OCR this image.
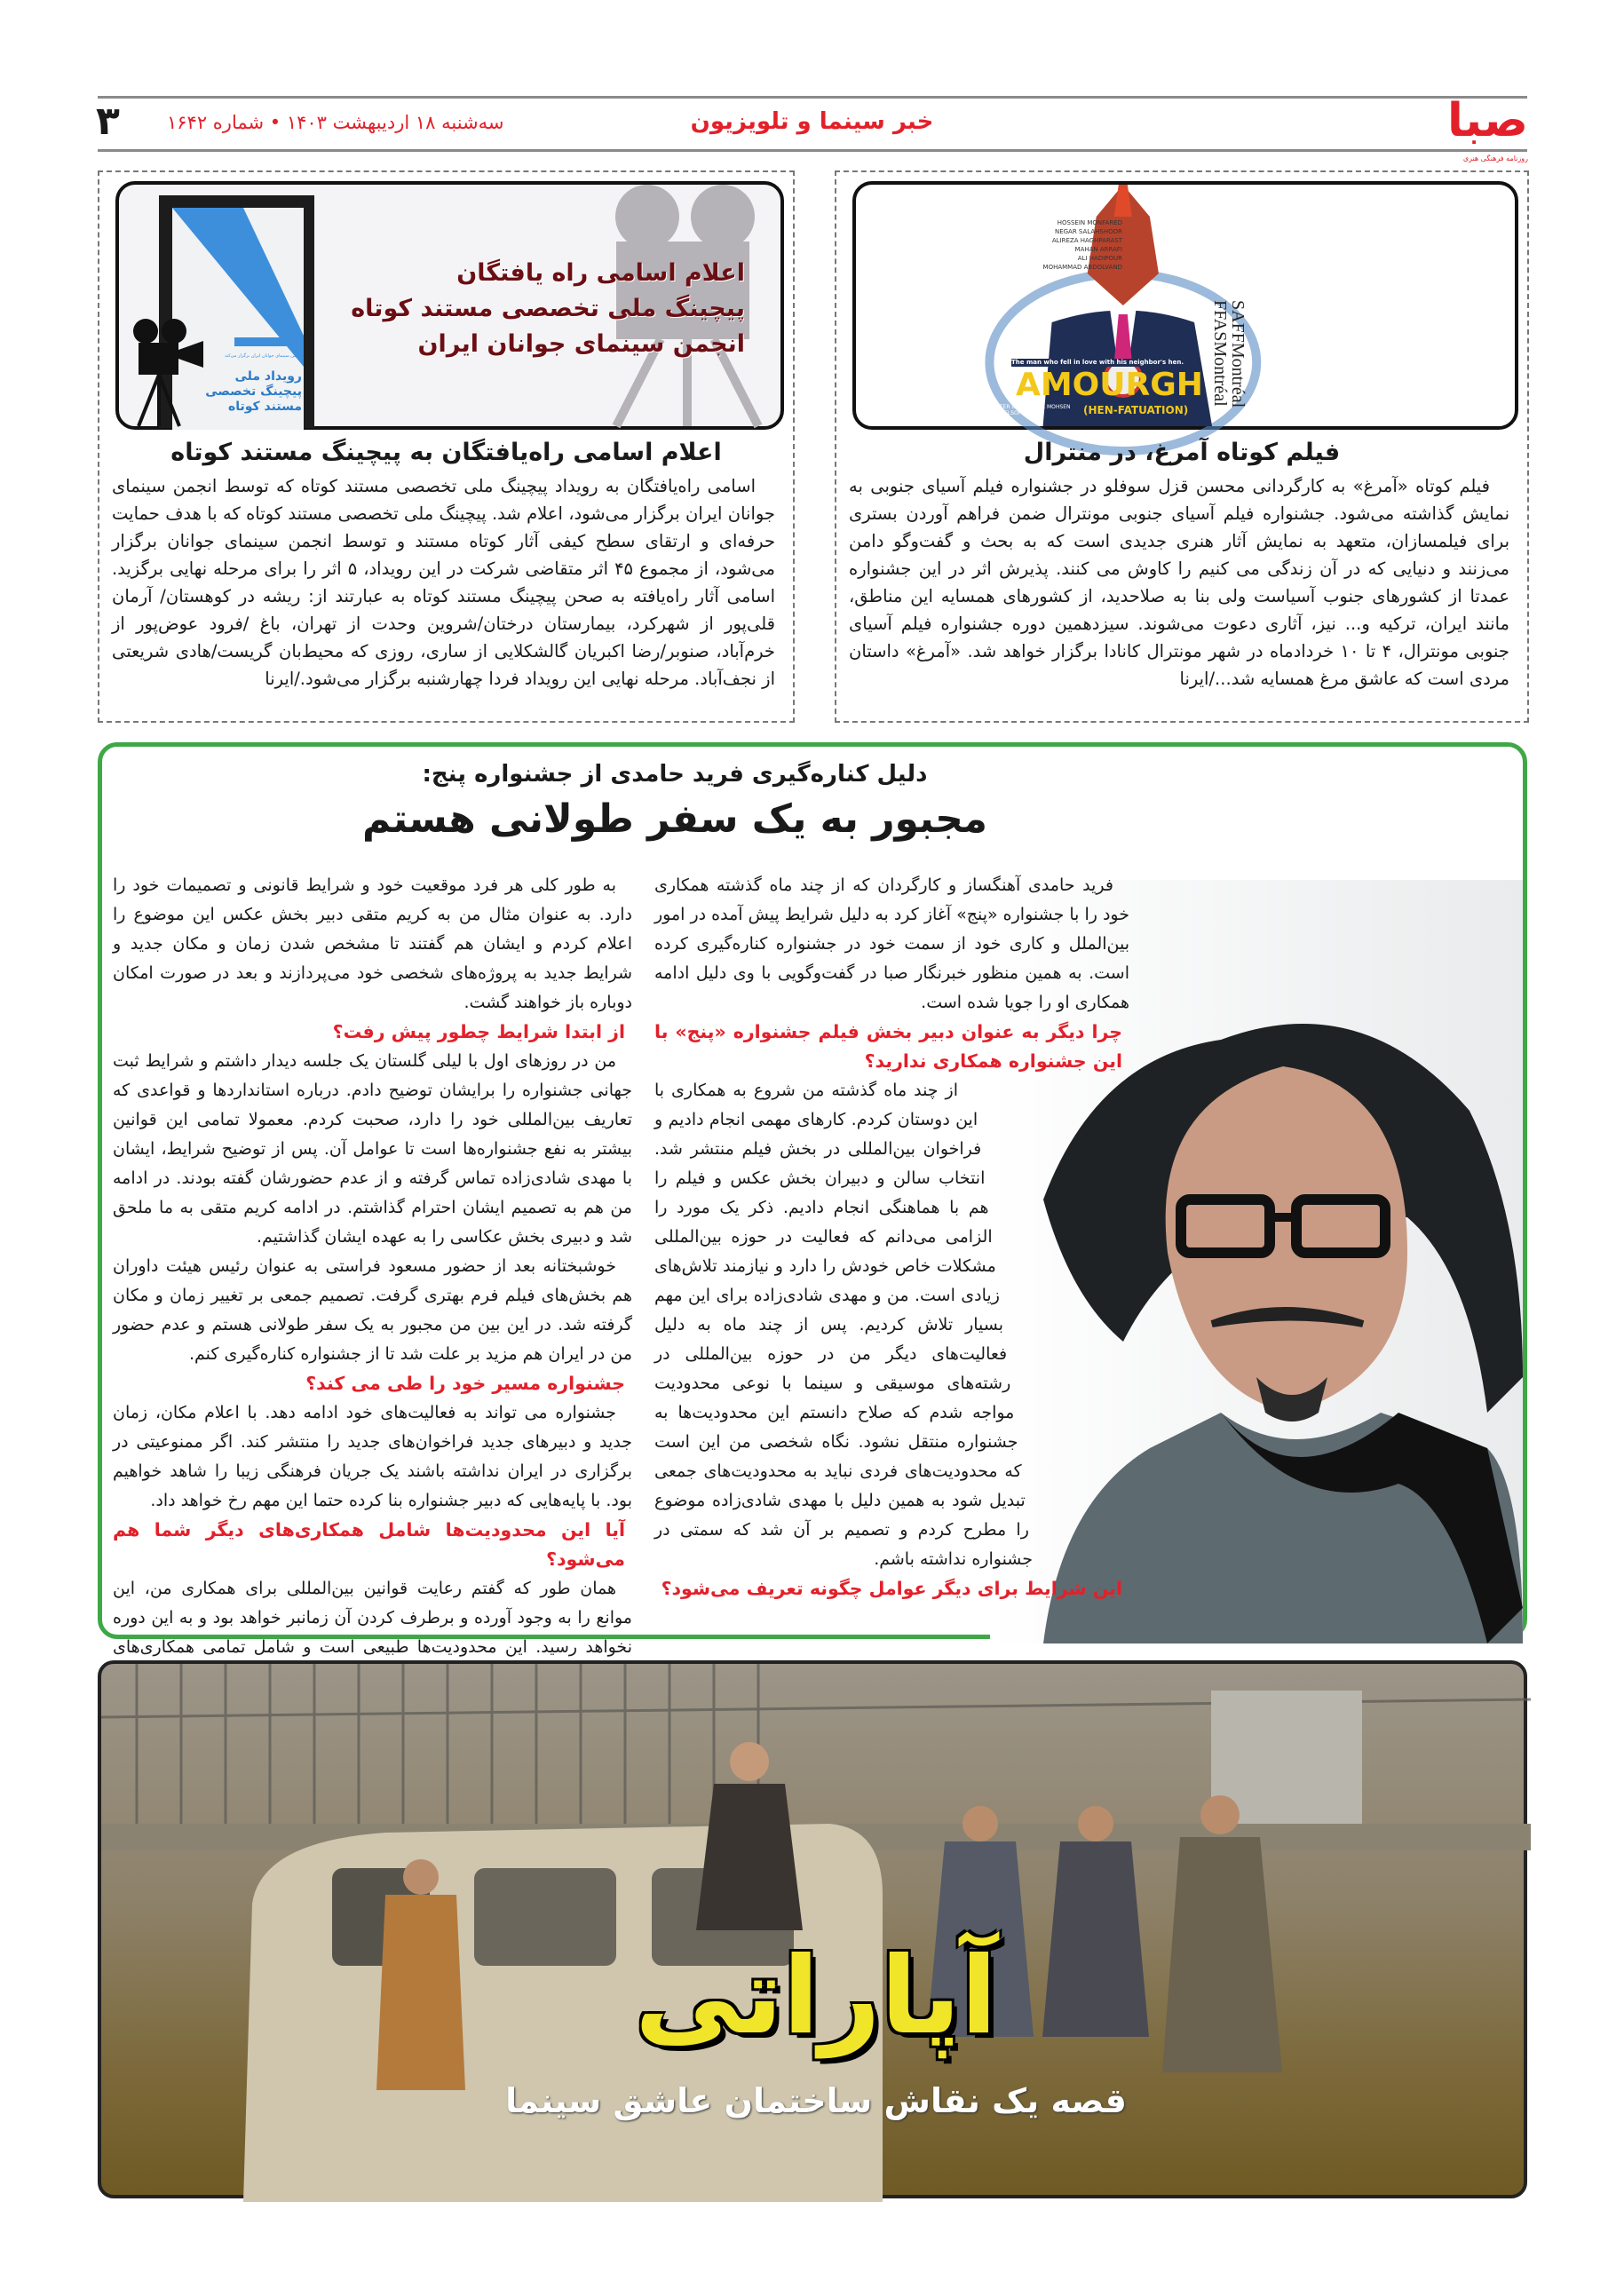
صبا
روزنامه فرهنگی هنری
خبر سینما و تلویزیون
سه‌شنبه ۱۸ اردیبهشت ۱۴۰۳ • شماره ۱۶۴۲
۳
HOSSEIN MONFARED
NEGAR SALAHSHOOR
ALIREZA HAGHPARAST
MAHAN ARRAFI
ALI HADIPOUR
MOHAMMAD ABDOLVAND
The man who fell in love with his neighbor's hen.
AMOURGH
(HEN-FATUATION)
WRITER & DIRECTOR MOHSEN GHEZELSOFLOU
SAFFMontréal
FFASMontréal
فیلم کوتاه آمرغ، در منترال
فیلم کوتاه «آمرغ» به کارگردانی محسن قزل سوفلو در جشنواره فیلم آسیای جنوبی به نمایش گذاشته می‌شود. جشنواره فیلم آسیای جنوبی مونترال ضمن فراهم آوردن بستری برای فیلمسازان، متعهد به نمایش آثار هنری جدیدی است که به بحث و گفت‌وگو دامن می‌زنند و دنیایی که در آن زندگی می کنیم را کاوش می کنند. پذیرش اثر در این جشنواره عمدتا از کشورهای جنوب آسیاست ولی بنا به صلاحدید، از کشورهای همسایه این مناطق، مانند ایران، ترکیه و... نیز، آثاری دعوت می‌شوند. سیزدهمین دوره جشنواره فیلم آسیای جنوبی مونترال، ۴ تا ۱۰ خردادماه در شهر مونترال کانادا برگزار خواهد شد. «آمرغ» داستان مردی است که عاشق مرغ همسایه شد.../ایرنا
انجمن سینمای جوانان ایران برگزار می‌کند
رویداد ملی
پیچینگ تخصصی
مستند کوتاه
اعلام اسامی راه یافتگان
پیچینگ ملی تخصصی مستند کوتاه
انجمن سینمای جوانان ایران
اعلام اسامی راه‌یافتگان به پیچینگ مستند کوتاه
اسامی راه‌یافتگان به رویداد پیچینگ ملی تخصصی مستند کوتاه که توسط انجمن سینمای جوانان ایران برگزار می‌شود، اعلام شد. پیچینگ ملی تخصصی مستند کوتاه که با هدف حمایت حرفه‌ای و ارتقای سطح کیفی آثار کوتاه مستند و توسط انجمن سینمای جوانان برگزار می‌شود، از مجموع ۴۵ اثر متقاضی شرکت در این رویداد، ۵ اثر را برای مرحله نهایی برگزید. اسامی آثار راه‌یافته به صحن پیچینگ مستند کوتاه به عبارتند از: ریشه در کوهستان/ آرمان قلی‌پور از شهرکرد، بیمارستان درختان/شروین وحدت از تهران، باغ /فرود عوض‌پور از خرم‌آباد، صنوبر/رضا اکبریان گالشکلایی از ساری، روزی که محیط‌بان گریست/هادی شریعتی از نجف‌آباد. مرحله نهایی این رویداد فردا چهارشنبه برگزار می‌شود./ایرنا
دلیل کناره‌گیری فرید حامدی از جشنواره پنج:
مجبور به یک سفر طولانی هستم

فرید حامدی آهنگساز و کارگردان که از چند ماه گذشته همکاری خود را با جشنواره «پنج» آغاز کرد به دلیل شرایط پیش آمده در امور بین‌الملل و کاری خود از سمت خود در جشنواره کناره‌گیری کرده است. به همین منظور خبرنگار صبا در گفت‌وگویی با وی دلیل ادامه همکاری او را جویا شده است.

چرا دیگر به عنوان دبیر بخش فیلم جشنواره «پنج» با این جشنواره همکاری ندارید؟

از چند ماه گذشته من شروع به همکاری با این دوستان کردم. کارهای مهمی انجام دادیم و فراخوان بین‌المللی در بخش فیلم منتشر شد. انتخاب سالن و دبیران بخش عکس و فیلم را هم با هماهنگی انجام دادیم. ذکر یک مورد را الزامی می‌دانم که فعالیت در حوزه بین‌المللی مشکلات خاص خودش را دارد و نیازمند تلاش‌های زیادی است. من و مهدی شادی‌زاده برای این مهم بسیار تلاش کردیم. پس از چند ماه به دلیل فعالیت‌های دیگر من در حوزه بین‌المللی در رشته‌های موسیقی و سینما با نوعی محدودیت مواجه شدم که صلاح دانستم این محدودیت‌ها به جشنواره منتقل نشود. نگاه شخصی من این است که محدودیت‌های فردی نباید به محدودیت‌های جمعی تبدیل شود به همین دلیل با مهدی شادی‌زاده موضوع را مطرح کردم و تصمیم بر آن شد که سمتی در جشنواره نداشته باشم.

این شرایط برای دیگر عوامل چگونه تعریف می‌شود؟

به طور کلی هر فرد موقعیت خود و شرایط قانونی و تصمیمات خود را دارد. به عنوان مثال من به کریم متقی دبیر بخش عکس این موضوع را اعلام کردم و ایشان هم گفتند تا مشخص شدن زمان و مکان جدید و شرایط جدید به پروژه‌های شخصی خود می‌پردازند و بعد در صورت امکان دوباره باز خواهند گشت.

از ابتدا شرایط چطور پیش رفت؟

من در روزهای اول با لیلی گلستان یک جلسه دیدار داشتم و شرایط ثبت جهانی جشنواره را برایشان توضیح دادم. درباره استانداردها و قواعدی که تعاریف بین‌المللی خود را دارد، صحبت کردم. معمولا تمامی این قوانین بیشتر به نفع جشنواره‌ها است تا عوامل آن. پس از توضیح شرایط، ایشان با مهدی شادی‌زاده تماس گرفته و از عدم حضورشان گفته بودند. در ادامه من هم به تصمیم ایشان احترام گذاشتم. در ادامه کریم متقی به ما ملحق شد و دبیری بخش عکاسی را به عهده ایشان گذاشتیم.

خوشبختانه بعد از حضور مسعود فراستی به عنوان رئیس هیئت داوران هم بخش‌های فیلم فرم بهتری گرفت. تصمیم جمعی بر تغییر زمان و مکان گرفته شد. در این بین من مجبور به یک سفر طولانی هستم و عدم حضور من در ایران هم مزید بر علت شد تا از جشنواره کناره‌گیری کنم.

جشنواره مسیر خود را طی می کند؟

جشنواره می تواند به فعالیت‌های خود ادامه دهد. با اعلام مکان، زمان جدید و دبیرهای جدید فراخوان‌های جدید را منتشر کند. اگر ممنوعیتی در برگزاری در ایران نداشته باشند یک جریان فرهنگی زیبا را شاهد خواهیم بود. با پایه‌هایی که دبیر جشنواره بنا کرده حتما این مهم رخ خواهد داد.

آیا این محدودیت‌ها شامل همکاری‌های دیگر شما هم می‌شود؟

همان طور که گفتم رعایت قوانین بین‌المللی برای همکاری من، این موانع را به وجود آورده و برطرف کردن آن زمانبر خواهد بود و به این دوره نخواهد رسید. این محدودیت‌ها طبیعی است و شامل تمامی همکاری‌های

آپاراتی
قصه یک نقاش ساختمان عاشق سینما
